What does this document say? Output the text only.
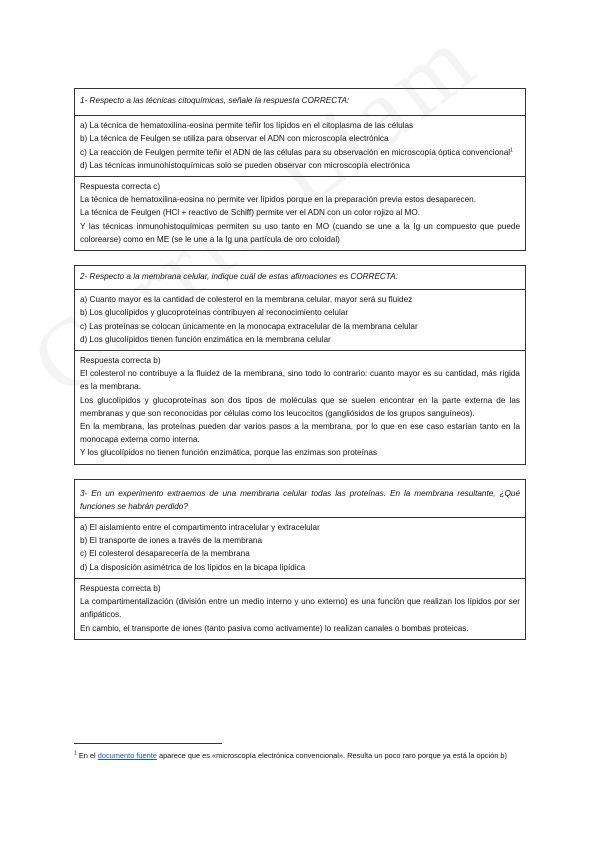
1- Respecto a las técnicas citoquímicas, señale la respuesta CORRECTA:
a) La técnica de hematoxilina-eosina permite teñir los lípidos en el citoplasma de las células
b) La técnica de Feulgen se utiliza para observar el ADN con microscopía electrónica
c) La reacción de Feulgen permite teñir el ADN de las células para su observación en microscopía óptica convencional$^1$
d) Las técnicas inmunohistoquímicas solo se pueden observar con microscopía electrónica
Respuesta correcta c)
La técnica de hematoxilina-eosina no permite ver lípidos porque en la preparación previa estos desaparecen.
La técnica de Feulgen (HCl + reactivo de Schiff) permite ver el ADN con un color rojizo al MO.
Y las técnicas inmunohistoquímicas permiten su uso tanto en MO (cuando se une a la Ig un compuesto que puede colorearse) como en ME (se le une a la Ig una partícula de oro coloidal)
2- Respecto a la membrana celular, indique cuál de estas afirmaciones es CORRECTA:
a) Cuanto mayor es la cantidad de colesterol en la membrana celular, mayor será su fluidez
b) Los glucolípidos y glucoproteínas contribuyen al reconocimiento celular
c) Las proteínas se colocan únicamente en la monocapa extracelular de la membrana celular
d) Los glucolípidos tienen función enzimática en la membrana celular
Respuesta correcta b)
El colesterol no contribuye a la fluidez de la membrana, sino todo lo contrario: cuanto mayor es su cantidad, más rígida es la membrana.
Los glucolípidos y glucoproteínas son dos tipos de moléculas que se suelen encontrar en la parte externa de las membranas y que son reconocidas por células como los leucocitos (gangliósidos de los grupos sanguíneos).
En la membrana, las proteínas pueden dar varios pasos a la membrana, por lo que en ese caso estarían tanto en la monocapa externa como interna.
Y los glucolípidos no tienen función enzimática, porque las enzimas son proteínas
3- En un experimento extraemos de una membrana celular todas las proteínas. En la membrana resultante, ¿Qué funciones se habrán perdido?
a) El aislamiento entre el compartimento intracelular y extracelular
b) El transporte de iones a través de la membrana
c) El colesterol desaparecería de la membrana
d) La disposición asimétrica de los lípidos en la bicapa lipídica
Respuesta correcta b)
La compartimentalización (división entre un medio interno y uno externo) es una función que realizan los lípidos por ser anfipáticos.
En cambio, el transporte de iones (tanto pasiva como activamente) lo realizan canales o bombas proteicas.
$^1$ En el documento fuente aparece que es «microscopía electrónica convencional». Resulta un poco raro porque ya está la opción b)
